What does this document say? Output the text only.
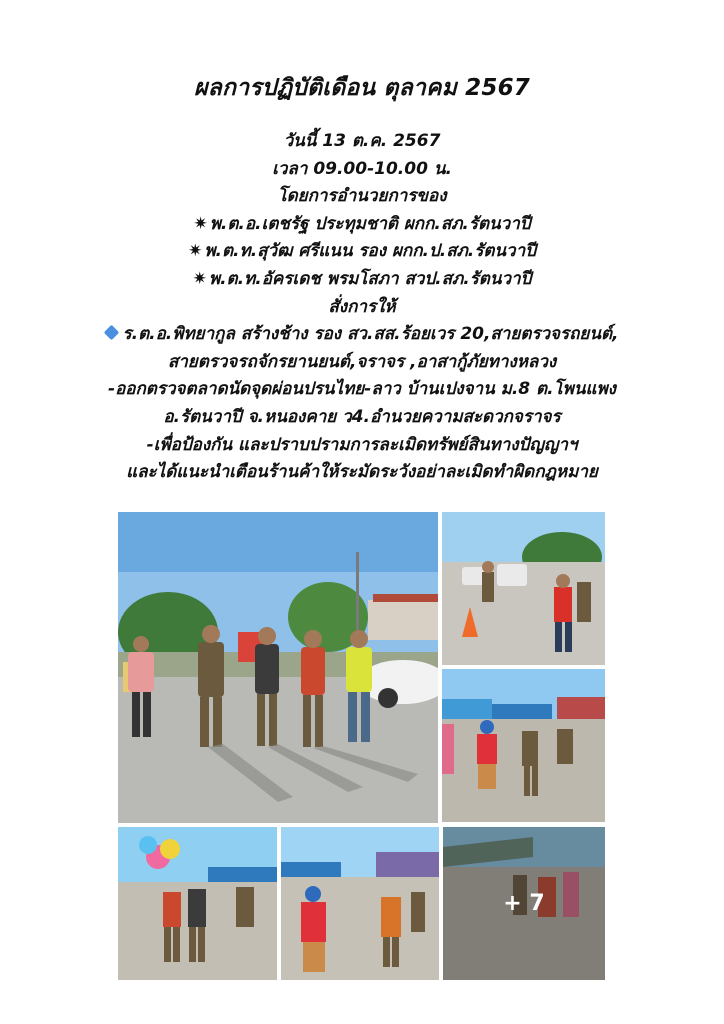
ผลการปฏิบัติเดือน ตุลาคม 2567
วันนี้ 13 ต.ค. 2567
เวลา 09.00-10.00 น.
โดยการอำนวยการของ
✷ พ.ต.อ.เตชรัฐ ประทุมชาติ ผกก.สภ.รัตนวาปี
✷ พ.ต.ท.สุวัฒ ศรีแนน รอง ผกก.ป.สภ.รัตนวาปี
✷ พ.ต.ท.อัครเดช พรมโสภา สวป.สภ.รัตนวาปี
สั่งการให้
ร.ต.อ.พิทยากูล สร้างช้าง รอง สว.สส.ร้อยเวร 20,สายตรวจรถยนต์,
สายตรวจรถจักรยานยนต์,จราจร ,อาสากู้ภัยทางหลวง
-ออกตรวจตลาดนัดจุดผ่อนปรนไทย-ลาว บ้านเปงจาน ม.8 ต.โพนแพง
อ.รัตนวาปี จ.หนองคาย ว4.อำนวยความสะดวกจราจร
-เพื่อป้องกัน และปราบปรามการละเมิดทรัพย์สินทางปัญญาฯ
และได้แนะนำเตือนร้านค้าให้ระมัดระวังอย่าละเมิดทำผิดกฎหมาย
+ 7
